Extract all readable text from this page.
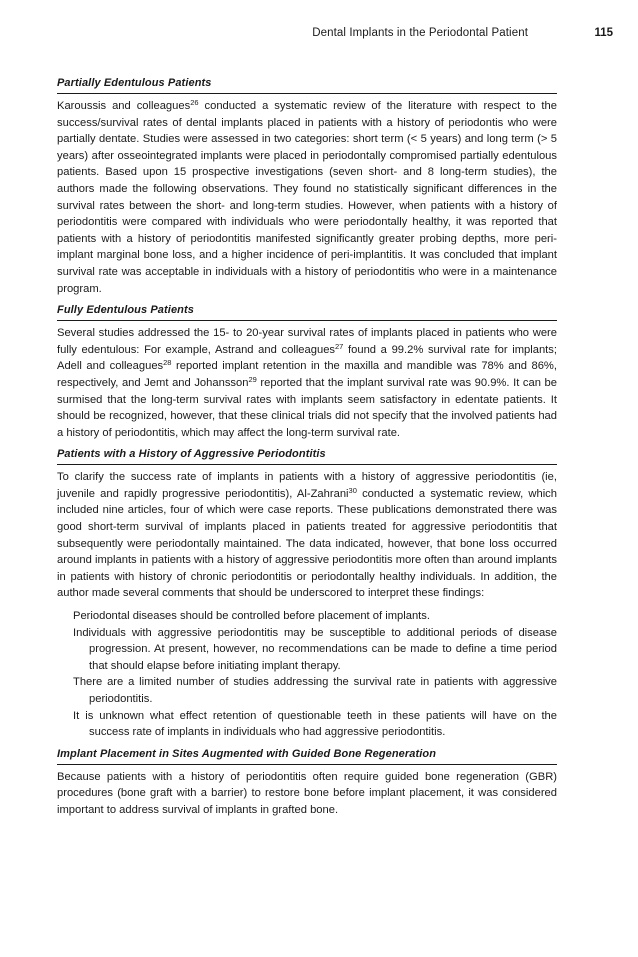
Dental Implants in the Periodontal Patient	115
Partially Edentulous Patients

Karoussis and colleagues$^{26}$ conducted a systematic review of the literature with respect to the success/survival rates of dental implants placed in patients with a history of periodontis who were partially dentate. Studies were assessed in two categories: short term (< 5 years) and long term (> 5 years) after osseointegrated implants were placed in periodontally compromised partially edentulous patients. Based upon 15 prospective investigations (seven short- and 8 long-term studies), the authors made the following observations. They found no statistically significant differences in the survival rates between the short- and long-term studies. However, when patients with a history of periodontitis were compared with individuals who were periodontally healthy, it was reported that patients with a history of periodontitis manifested significantly greater probing depths, more peri-implant marginal bone loss, and a higher incidence of peri-implantitis. It was concluded that implant survival rate was acceptable in individuals with a history of periodontitis who were in a maintenance program.

Fully Edentulous Patients

Several studies addressed the 15- to 20-year survival rates of implants placed in patients who were fully edentulous: For example, Astrand and colleagues$^{27}$ found a 99.2% survival rate for implants; Adell and colleagues$^{28}$ reported implant retention in the maxilla and mandible was 78% and 86%, respectively, and Jemt and Johansson$^{29}$ reported that the implant survival rate was 90.9%. It can be surmised that the long-term survival rates with implants seem satisfactory in edentate patients. It should be recognized, however, that these clinical trials did not specify that the involved patients had a history of periodontitis, which may affect the long-term survival rate.

Patients with a History of Aggressive Periodontitis

To clarify the success rate of implants in patients with a history of aggressive periodontitis (ie, juvenile and rapidly progressive periodontitis), Al-Zahrani$^{30}$ conducted a systematic review, which included nine articles, four of which were case reports. These publications demonstrated there was good short-term survival of implants placed in patients treated for aggressive periodontitis that subsequently were periodontally maintained. The data indicated, however, that bone loss occurred around implants in patients with a history of aggressive periodontitis more often than around implants in patients with history of chronic periodontitis or periodontally healthy individuals. In addition, the author made several comments that should be underscored to interpret these findings:

Periodontal diseases should be controlled before placement of implants.
Individuals with aggressive periodontitis may be susceptible to additional periods of disease progression. At present, however, no recommendations can be made to define a time period that should elapse before initiating implant therapy.
There are a limited number of studies addressing the survival rate in patients with aggressive periodontitis.
It is unknown what effect retention of questionable teeth in these patients will have on the success rate of implants in individuals who had aggressive periodontitis.
Implant Placement in Sites Augmented with Guided Bone Regeneration

Because patients with a history of periodontitis often require guided bone regeneration (GBR) procedures (bone graft with a barrier) to restore bone before implant placement, it was considered important to address survival of implants in grafted bone.
